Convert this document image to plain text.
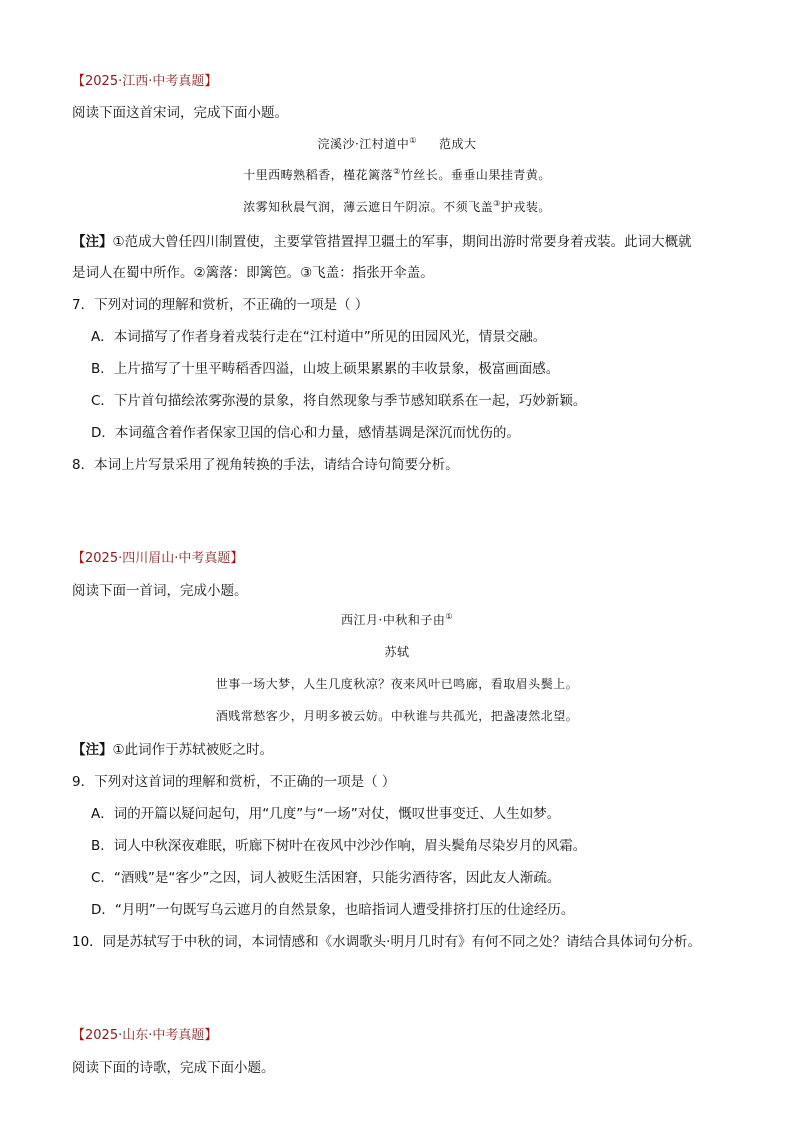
【2025·江西·中考真题】
阅读下面这首宋词，完成下面小题。
浣溪沙·江村道中① 范成大
十里西畴熟稻香，槿花篱落②竹丝长。垂垂山果挂青黄。
浓雾知秋晨气润，薄云遮日午阴凉。不须飞盖③护戎装。
【注】①范成大曾任四川制置使，主要掌管措置捍卫疆土的军事，期间出游时常要身着戎装。此词大概就
是词人在蜀中所作。②篱落：即篱笆。③飞盖：指张开伞盖。
7．下列对词的理解和赏析，不正确的一项是（ ）
A．本词描写了作者身着戎装行走在“江村道中”所见的田园风光，情景交融。
B．上片描写了十里平畴稻香四溢，山坡上硕果累累的丰收景象，极富画面感。
C．下片首句描绘浓雾弥漫的景象，将自然现象与季节感知联系在一起，巧妙新颖。
D．本词蕴含着作者保家卫国的信心和力量，感情基调是深沉而忧伤的。
8．本词上片写景采用了视角转换的手法，请结合诗句简要分析。
【2025·四川眉山·中考真题】
阅读下面一首词，完成小题。
西江月·中秋和子由①
苏轼
世事一场大梦，人生几度秋凉？夜来风叶已鸣廊，看取眉头鬓上。
酒贱常愁客少，月明多被云妨。中秋谁与共孤光，把盏凄然北望。
【注】①此词作于苏轼被贬之时。
9．下列对这首词的理解和赏析，不正确的一项是（ ）
A．词的开篇以疑问起句，用“几度”与“一场”对仗，慨叹世事变迁、人生如梦。
B．词人中秋深夜难眠，听廊下树叶在夜风中沙沙作响，眉头鬓角尽染岁月的风霜。
C．“酒贱”是“客少”之因，词人被贬生活困窘，只能劣酒待客，因此友人渐疏。
D．“月明”一句既写乌云遮月的自然景象，也暗指词人遭受排挤打压的仕途经历。
10．同是苏轼写于中秋的词，本词情感和《水调歌头·明月几时有》有何不同之处？请结合具体词句分析。
【2025·山东·中考真题】
阅读下面的诗歌，完成下面小题。
